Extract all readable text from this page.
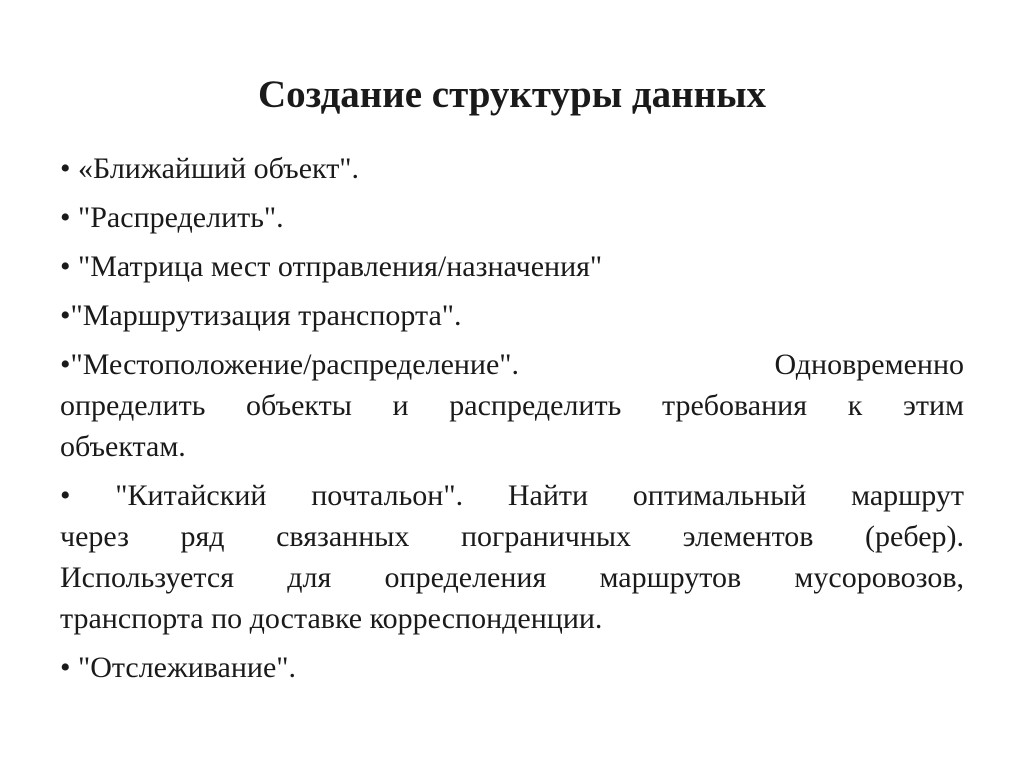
Создание структуры данных
• «Ближайший объект".
• "Распределить".
• "Матрица мест отправления/назначения"
•"Маршрутизация транспорта".
•"Местоположение/распределение". Одновременно
определить объекты и распределить требования к этим
объектам.
• "Китайский почтальон". Найти оптимальный маршрут
через ряд связанных пограничных элементов (ребер).
Используется для определения маршрутов мусоровозов,
транспорта по доставке корреспонденции.
• "Отслеживание".
